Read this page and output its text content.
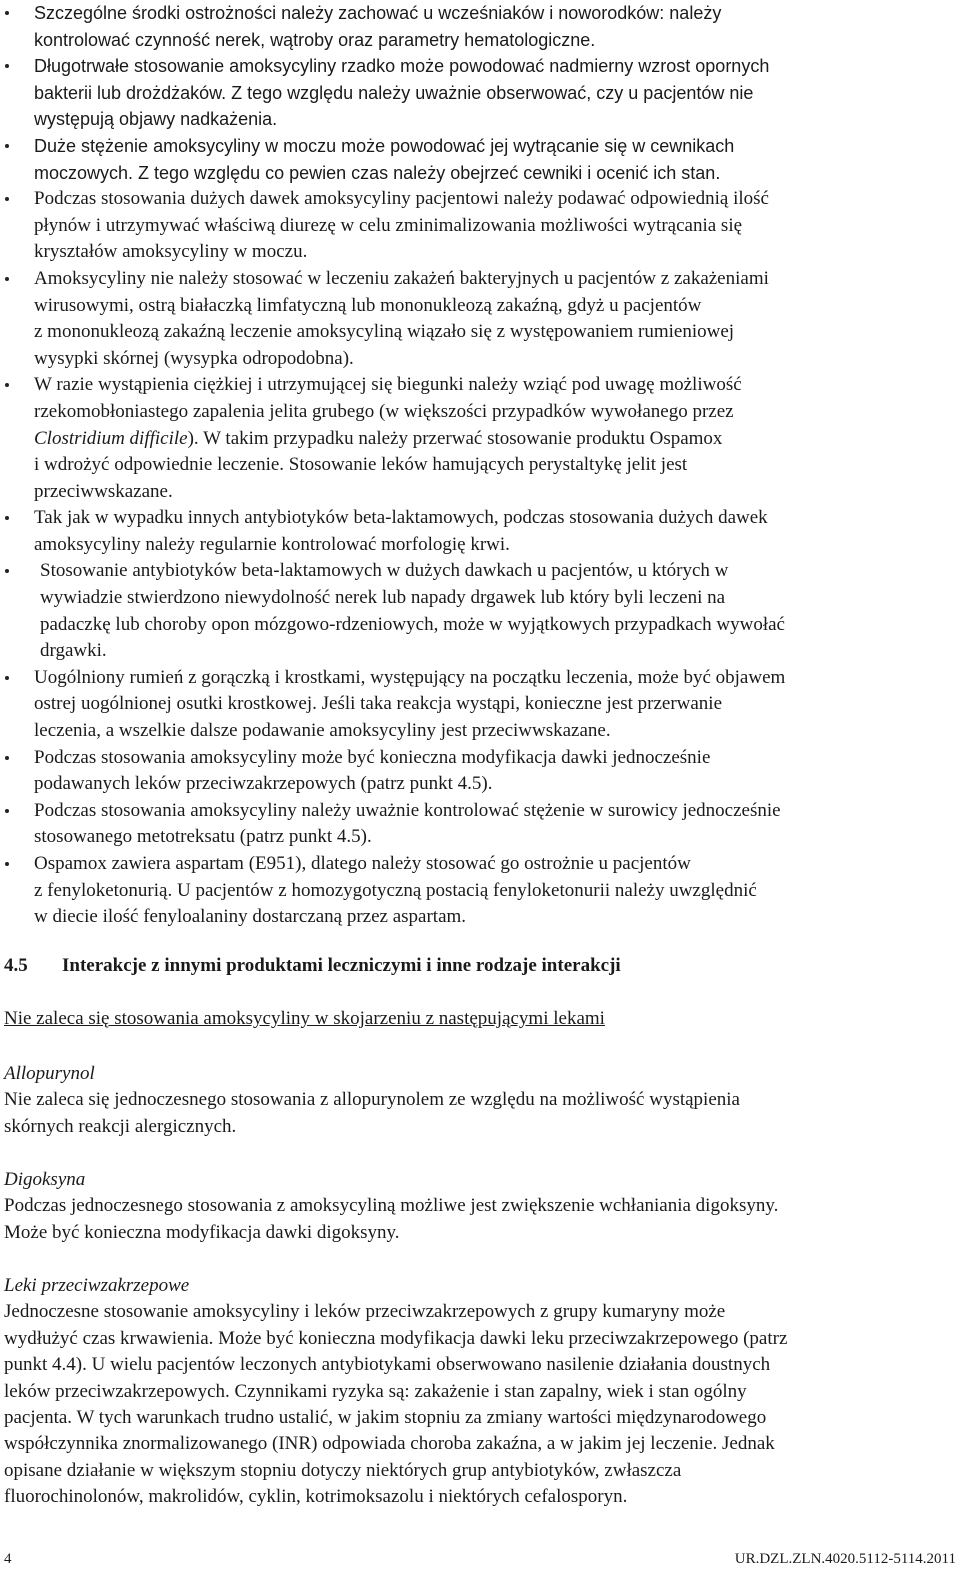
Szczególne środki ostrożności należy zachować u wcześniaków i noworodków: należy
kontrolować czynność nerek, wątroby oraz parametry hematologiczne.
Długotrwałe stosowanie amoksycyliny rzadko może powodować nadmierny wzrost opornych
bakterii lub drożdżaków. Z tego względu należy uważnie obserwować, czy u pacjentów nie
występują objawy nadkażenia.
Duże stężenie amoksycyliny w moczu może powodować jej wytrącanie się w cewnikach
moczowych. Z tego względu co pewien czas należy obejrzeć cewniki i ocenić ich stan.
Podczas stosowania dużych dawek amoksycyliny pacjentowi należy podawać odpowiednią ilość
płynów i utrzymywać właściwą diurezę w celu zminimalizowania możliwości wytrącania się
kryształów amoksycyliny w moczu.
Amoksycyliny nie należy stosować w leczeniu zakażeń bakteryjnych u pacjentów z zakażeniami
wirusowymi, ostrą białaczką limfatyczną lub mononukleozą zakaźną, gdyż u pacjentów
z mononukleozą zakaźną leczenie amoksycyliną wiązało się z występowaniem rumieniowej
wysypki skórnej (wysypka odropodobna).
W razie wystąpienia ciężkiej i utrzymującej się biegunki należy wziąć pod uwagę możliwość
rzekomobłoniastego zapalenia jelita grubego (w większości przypadków wywołanego przez
Clostridium difficile). W takim przypadku należy przerwać stosowanie produktu Ospamox
i wdrożyć odpowiednie leczenie. Stosowanie leków hamujących perystaltykę jelit jest
przeciwwskazane.
Tak jak w wypadku innych antybiotyków beta-laktamowych, podczas stosowania dużych dawek
amoksycyliny należy regularnie kontrolować morfologię krwi.
Stosowanie antybiotyków beta-laktamowych w dużych dawkach u pacjentów, u których w
wywiadzie stwierdzono niewydolność nerek lub napady drgawek lub który byli leczeni na
padaczkę lub choroby opon mózgowo-rdzeniowych, może w wyjątkowych przypadkach wywołać
drgawki.
Uogólniony rumień z gorączką i krostkami, występujący na początku leczenia, może być objawem
ostrej uogólnionej osutki krostkowej. Jeśli taka reakcja wystąpi, konieczne jest przerwanie
leczenia, a wszelkie dalsze podawanie amoksycyliny jest przeciwwskazane.
Podczas stosowania amoksycyliny może być konieczna modyfikacja dawki jednocześnie
podawanych leków przeciwzakrzepowych (patrz punkt 4.5).
Podczas stosowania amoksycyliny należy uważnie kontrolować stężenie w surowicy jednocześnie
stosowanego metotreksatu (patrz punkt 4.5).
Ospamox zawiera aspartam (E951), dlatego należy stosować go ostrożnie u pacjentów
z fenyloketonurią. U pacjentów z homozygotyczną postacią fenyloketonurii należy uwzględnić
w diecie ilość fenyloalaniny dostarczaną przez aspartam.
4.5 Interakcje z innymi produktami leczniczymi i inne rodzaje interakcji
Nie zaleca się stosowania amoksycyliny w skojarzeniu z następującymi lekami
Allopurynol
Nie zaleca się jednoczesnego stosowania z allopurynolem ze względu na możliwość wystąpienia
skórnych reakcji alergicznych.
Digoksyna
Podczas jednoczesnego stosowania z amoksycyliną możliwe jest zwiększenie wchłaniania digoksyny.
Może być konieczna modyfikacja dawki digoksyny.
Leki przeciwzakrzepowe
Jednoczesne stosowanie amoksycyliny i leków przeciwzakrzepowych z grupy kumaryny może
wydłużyć czas krwawienia. Może być konieczna modyfikacja dawki leku przeciwzakrzepowego (patrz
punkt 4.4). U wielu pacjentów leczonych antybiotykami obserwowano nasilenie działania doustnych
leków przeciwzakrzepowych. Czynnikami ryzyka są: zakażenie i stan zapalny, wiek i stan ogólny
pacjenta. W tych warunkach trudno ustalić, w jakim stopniu za zmiany wartości międzynarodowego
współczynnika znormalizowanego (INR) odpowiada choroba zakaźna, a w jakim jej leczenie. Jednak
opisane działanie w większym stopniu dotyczy niektórych grup antybiotyków, zwłaszcza
fluorochinolonów, makrolidów, cyklin, kotrimoksazolu i niektórych cefalosporyn.
4	UR.DZL.ZLN.4020.5112-5114.2011
